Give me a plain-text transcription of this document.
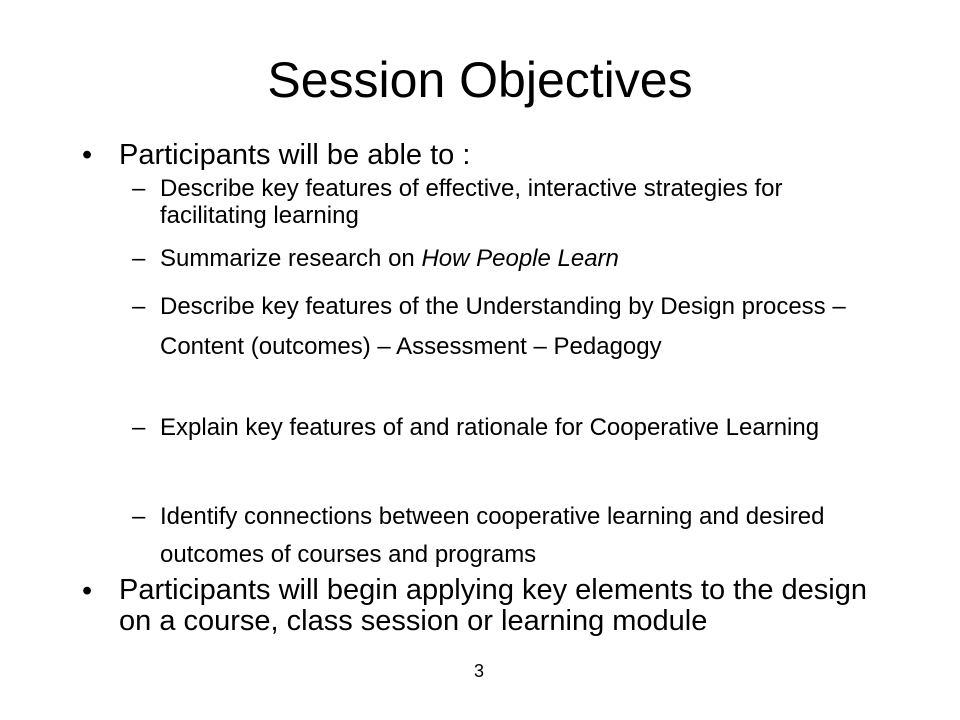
Session Objectives
• Participants will be able to :
– Describe key features of effective, interactive strategies for facilitating learning
– Summarize research on How People Learn
– Describe key features of the Understanding by Design process – Content (outcomes) – Assessment – Pedagogy
– Explain key features of and rationale for Cooperative Learning
– Identify connections between cooperative learning and desired outcomes of courses and programs
• Participants will begin applying key elements to the design on a course, class session or learning module
3
